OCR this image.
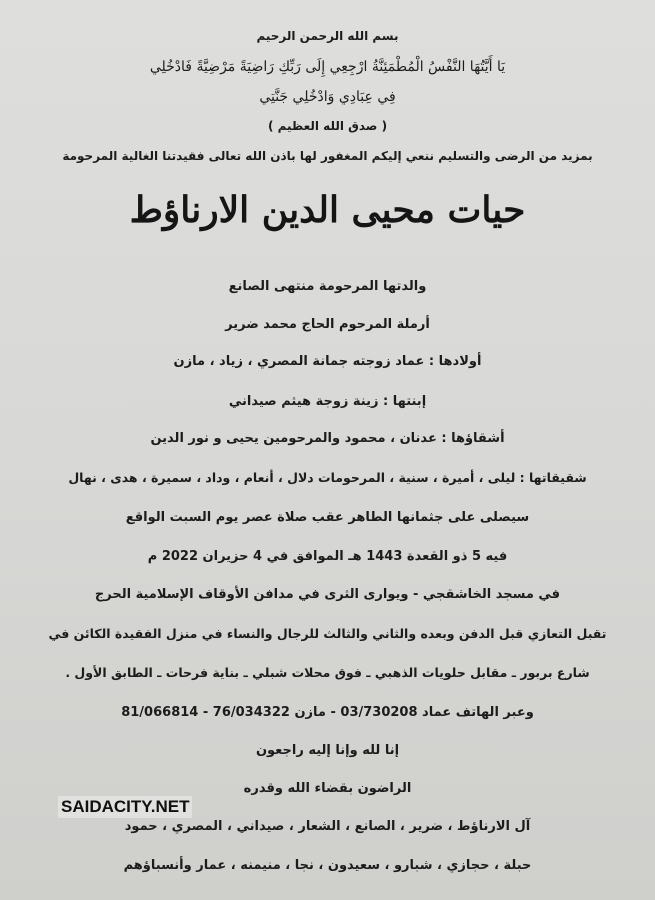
بسم الله الرحمن الرحيم
يَا أَيَّتُهَا النَّفْسُ الْمُطْمَئِنَّةُ ارْجِعِي إِلَى رَبِّكِ رَاضِيَةً مَرْضِيَّةً فَادْخُلِي
فِي عِبَادِي وَادْخُلِي جَنَّتِي
( صدق الله العظيم )
بمزيد من الرضى والتسليم ننعي إليكم المغفور لها باذن الله تعالى فقيدتنا الغالية المرحومة
حيات محيى الدين الارناؤط
والدتها المرحومة منتهى الصانع
أرملة المرحوم الحاج محمد ضرير
أولادها : عماد زوجته جمانة المصري ، زياد ، مازن
إبنتها : زينة زوجة هيثم صيداني
أشقاؤها : عدنان ، محمود والمرحومين يحيى و نور الدين
شقيقاتها : ليلى ، أميرة ، سنية ، المرحومات دلال ، أنعام ، وداد ، سميرة ، هدى ، نهال
سيصلى على جثمانها الطاهر عقب صلاة عصر يوم السبت الواقع
فيه 5 ذو القعدة 1443 هـ الموافق في 4 حزيران 2022 م
في مسجد الخاشقجي - ويوارى الثرى في مدافن الأوقاف الإسلامية الحرج
تقبل التعازي قبل الدفن وبعده والثاني والثالث للرجال والنساء في منزل الفقيدة الكائن في
شارع بربور ـ مقابل حلويات الذهبي ـ فوق محلات شبلي ـ بناية فرحات ـ الطابق الأول .
وعبر الهاتف عماد 03/730208 - مازن 76/034322 - 81/066814
إنا لله وإنا إليه راجعون
الراضون بقضاء الله وقدره
آل الارناؤط ، ضرير ، الصانع ، الشعار ، صيداني ، المصري ، حمود
حبلة ، حجازي ، شبارو ، سعيدون ، نجا ، منيمنه ، عمار وأنسباؤهم
SAIDACITY.NET
